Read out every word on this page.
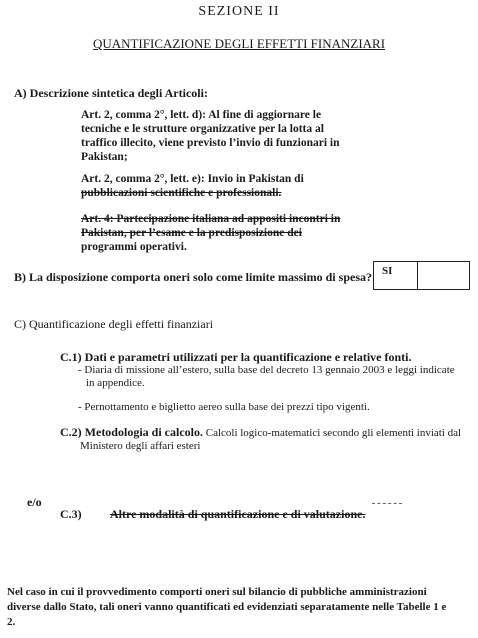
SEZIONE II
QUANTIFICAZIONE DEGLI EFFETTI FINANZIARI
A) Descrizione sintetica degli Articoli:
Art. 2, comma 2°, lett. d): Al fine di aggiornare le
tecniche e le strutture organizzative per la lotta al
traffico illecito, viene previsto l’invio di funzionari in
Pakistan;
Art. 2, comma 2°, lett. e): Invio in Pakistan di
pubblicazioni scientifiche e professionali.
Art. 4: Partecipazione italiana ad appositi incontri in
Pakistan, per l’esame e la predisposizione dei
programmi operativi.
B) La disposizione comporta oneri solo come limite massimo di spesa? SI
C) Quantificazione degli effetti finanziari
C.1) Dati e parametri utilizzati per la quantificazione e relative fonti.
- Diaria di missione all’estero, sulla base del decreto 13 gennaio 2003 e leggi indicate
in appendice.
- Pernottamento e biglietto aereo sulla base dei prezzi tipo vigenti.
C.2) Metodologia di calcolo. Calcoli logico-matematici secondo gli elementi inviati dal
Ministero degli affari esteri
e/o
C.3) Altre modalità di quantificazione e di valutazione.
Nel caso in cui il provvedimento comporti oneri sul bilancio di pubbliche amministrazioni
diverse dallo Stato, tali oneri vanno quantificati ed evidenziati separatamente nelle Tabelle 1 e
2.
